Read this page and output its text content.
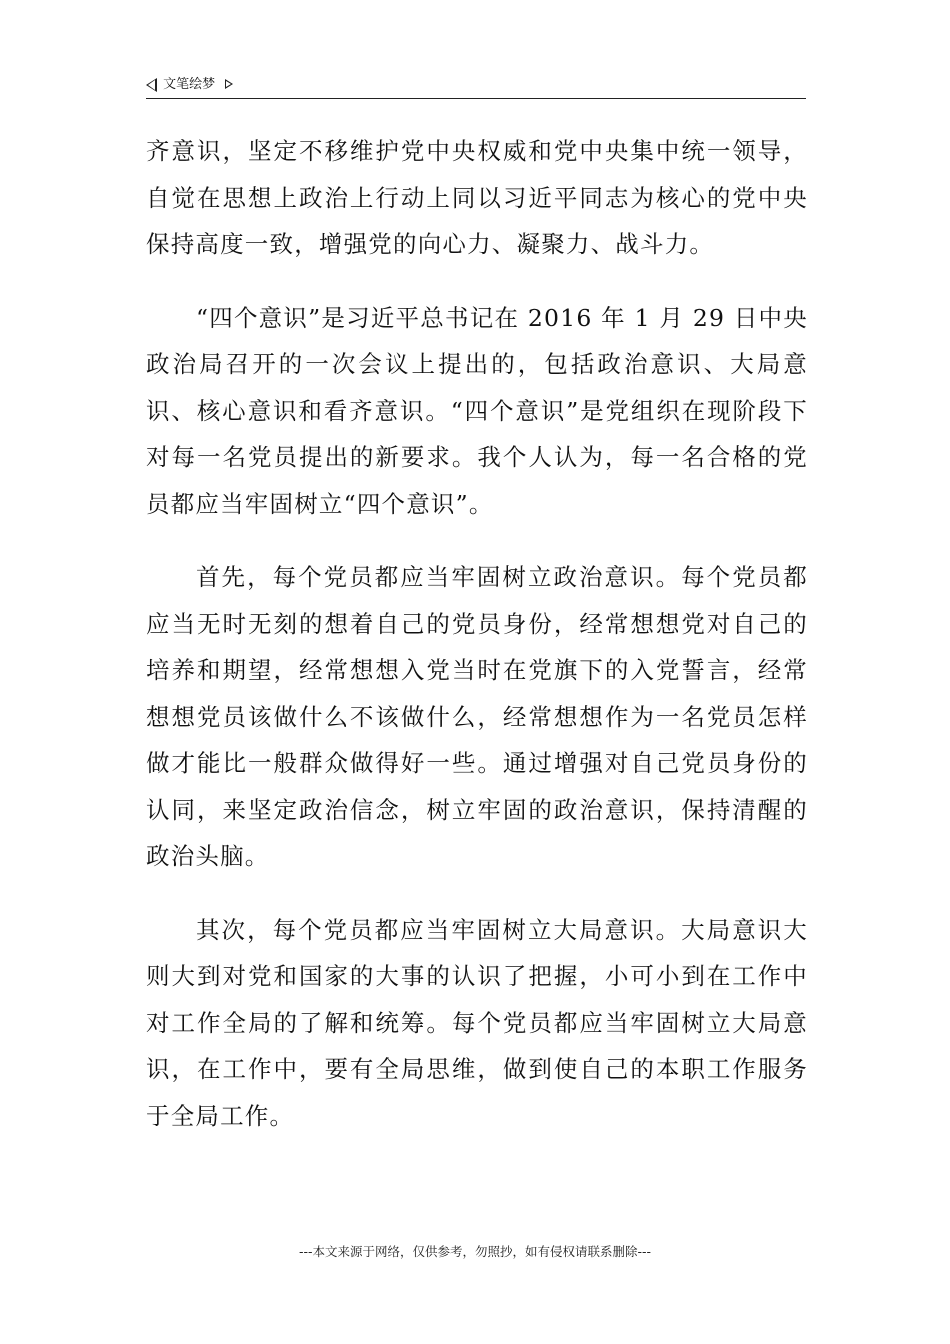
文笔绘梦

齐意识，坚定不移维护党中央权威和党中央集中统一领导，自觉在思想上政治上行动上同以习近平同志为核心的党中央保持高度一致，增强党的向心力、凝聚力、战斗力。

“四个意识”是习近平总书记在 2016 年 1 月 29 日中央政治局召开的一次会议上提出的，包括政治意识、大局意识、核心意识和看齐意识。“四个意识”是党组织在现阶段下对每一名党员提出的新要求。我个人认为，每一名合格的党员都应当牢固树立“四个意识”。

首先，每个党员都应当牢固树立政治意识。每个党员都应当无时无刻的想着自己的党员身份，经常想想党对自己的培养和期望，经常想想入党当时在党旗下的入党誓言，经常想想党员该做什么不该做什么，经常想想作为一名党员怎样做才能比一般群众做得好一些。通过增强对自己党员身份的认同，来坚定政治信念，树立牢固的政治意识，保持清醒的政治头脑。

其次，每个党员都应当牢固树立大局意识。大局意识大则大到对党和国家的大事的认识了把握，小可小到在工作中对工作全局的了解和统筹。每个党员都应当牢固树立大局意识，在工作中，要有全局思维，做到使自己的本职工作服务于全局工作。

---本文来源于网络，仅供参考，勿照抄，如有侵权请联系删除---
